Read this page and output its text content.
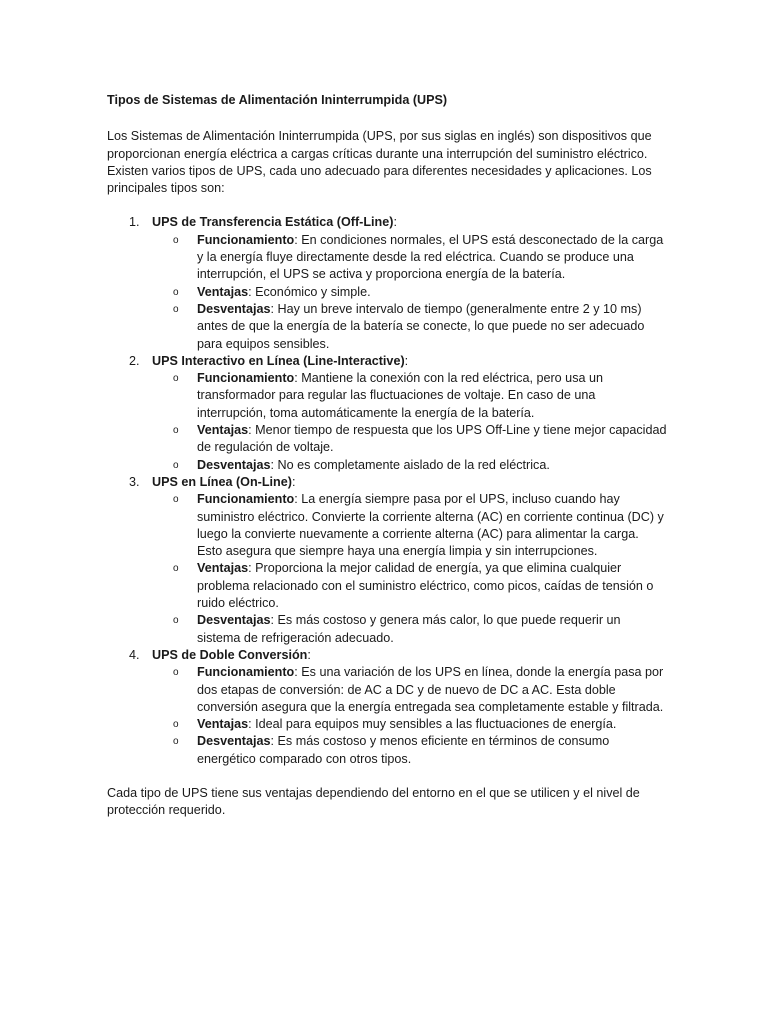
Tipos de Sistemas de Alimentación Ininterrumpida (UPS)

Los Sistemas de Alimentación Ininterrumpida (UPS, por sus siglas en inglés) son dispositivos que proporcionan energía eléctrica a cargas críticas durante una interrupción del suministro eléctrico. Existen varios tipos de UPS, cada uno adecuado para diferentes necesidades y aplicaciones. Los principales tipos son:

1. UPS de Transferencia Estática (Off-Line):
o Funcionamiento: En condiciones normales, el UPS está desconectado de la carga y la energía fluye directamente desde la red eléctrica. Cuando se produce una interrupción, el UPS se activa y proporciona energía de la batería.
o Ventajas: Económico y simple.
o Desventajas: Hay un breve intervalo de tiempo (generalmente entre 2 y 10 ms) antes de que la energía de la batería se conecte, lo que puede no ser adecuado para equipos sensibles.
2. UPS Interactivo en Línea (Line-Interactive):
o Funcionamiento: Mantiene la conexión con la red eléctrica, pero usa un transformador para regular las fluctuaciones de voltaje. En caso de una interrupción, toma automáticamente la energía de la batería.
o Ventajas: Menor tiempo de respuesta que los UPS Off-Line y tiene mejor capacidad de regulación de voltaje.
o Desventajas: No es completamente aislado de la red eléctrica.
3. UPS en Línea (On-Line):
o Funcionamiento: La energía siempre pasa por el UPS, incluso cuando hay suministro eléctrico. Convierte la corriente alterna (AC) en corriente continua (DC) y luego la convierte nuevamente a corriente alterna (AC) para alimentar la carga. Esto asegura que siempre haya una energía limpia y sin interrupciones.
o Ventajas: Proporciona la mejor calidad de energía, ya que elimina cualquier problema relacionado con el suministro eléctrico, como picos, caídas de tensión o ruido eléctrico.
o Desventajas: Es más costoso y genera más calor, lo que puede requerir un sistema de refrigeración adecuado.
4. UPS de Doble Conversión:
o Funcionamiento: Es una variación de los UPS en línea, donde la energía pasa por dos etapas de conversión: de AC a DC y de nuevo de DC a AC. Esta doble conversión asegura que la energía entregada sea completamente estable y filtrada.
o Ventajas: Ideal para equipos muy sensibles a las fluctuaciones de energía.
o Desventajas: Es más costoso y menos eficiente en términos de consumo energético comparado con otros tipos.

Cada tipo de UPS tiene sus ventajas dependiendo del entorno en el que se utilicen y el nivel de protección requerido.
